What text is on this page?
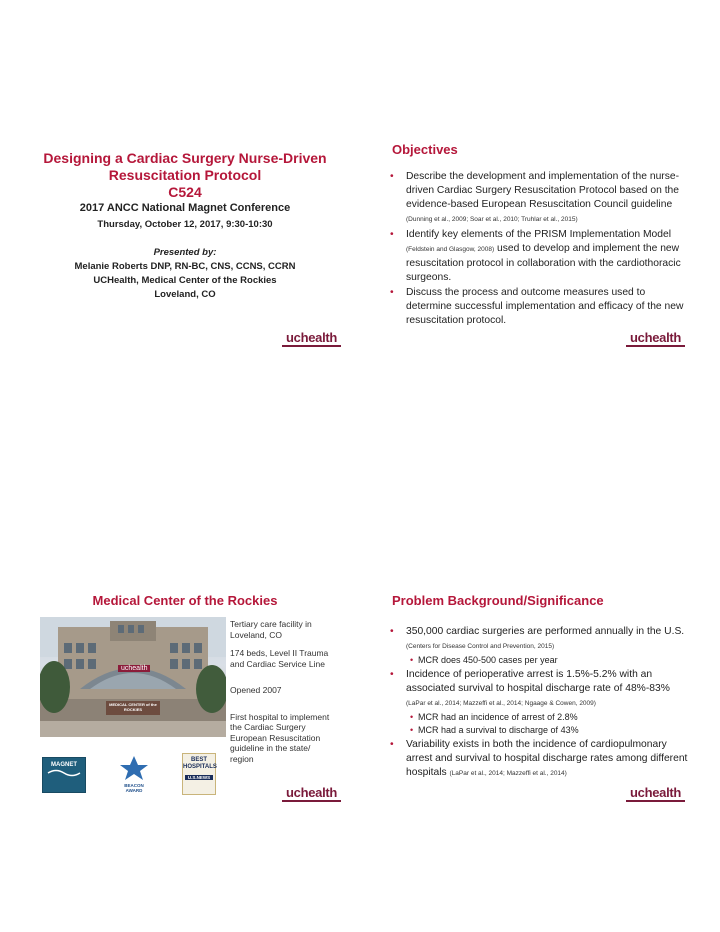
Designing a Cardiac Surgery Nurse-Driven
Resuscitation Protocol
C524
2017 ANCC National Magnet Conference
Thursday, October 12, 2017, 9:30-10:30
Presented by:
Melanie Roberts DNP, RN-BC, CNS, CCNS, CCRN
UCHealth, Medical Center of the Rockies
Loveland, CO
uchealth
Objectives
• Describe the development and implementation of the nurse-driven Cardiac Surgery Resuscitation Protocol based on the evidence-based European Resuscitation Council guideline (Dunning et al., 2009; Soar et al., 2010; Truhlar et al., 2015)
• Identify key elements of the PRISM Implementation Model (Feldstein and Glasgow, 2008) used to develop and implement the new resuscitation protocol in collaboration with the cardiothoracic surgeons.
• Discuss the process and outcome measures used to determine successful implementation and efficacy of the new resuscitation protocol.
uchealth
Medical Center of the Rockies
MEDICAL CENTER of the ROCKIES
uchealth
MAGNET
BEACON AWARD
BEST HOSPITALS
U.S.NEWS
Tertiary care facility in Loveland, CO
174 beds, Level II Trauma and Cardiac Service Line
Opened 2007
First hospital to implement the Cardiac Surgery European Resuscitation guideline in the state/ region
uchealth
Problem Background/Significance
• 350,000 cardiac surgeries are performed annually in the U.S.(Centers for Disease Control and Prevention, 2015)
• MCR does 450-500 cases per year
• Incidence of perioperative arrest is 1.5%-5.2% with an associated survival to hospital discharge rate of 48%-83% (LaPar et al., 2014; Mazzeffi et al., 2014; Ngaage & Cowen, 2009)
• MCR had an incidence of arrest of 2.8%
• MCR had a survival to discharge of 43%
• Variability exists in both the incidence of cardiopulmonary arrest and survival to hospital discharge rates among different hospitals (LaPar et al., 2014; Mazzeffi et al., 2014)
uchealth
